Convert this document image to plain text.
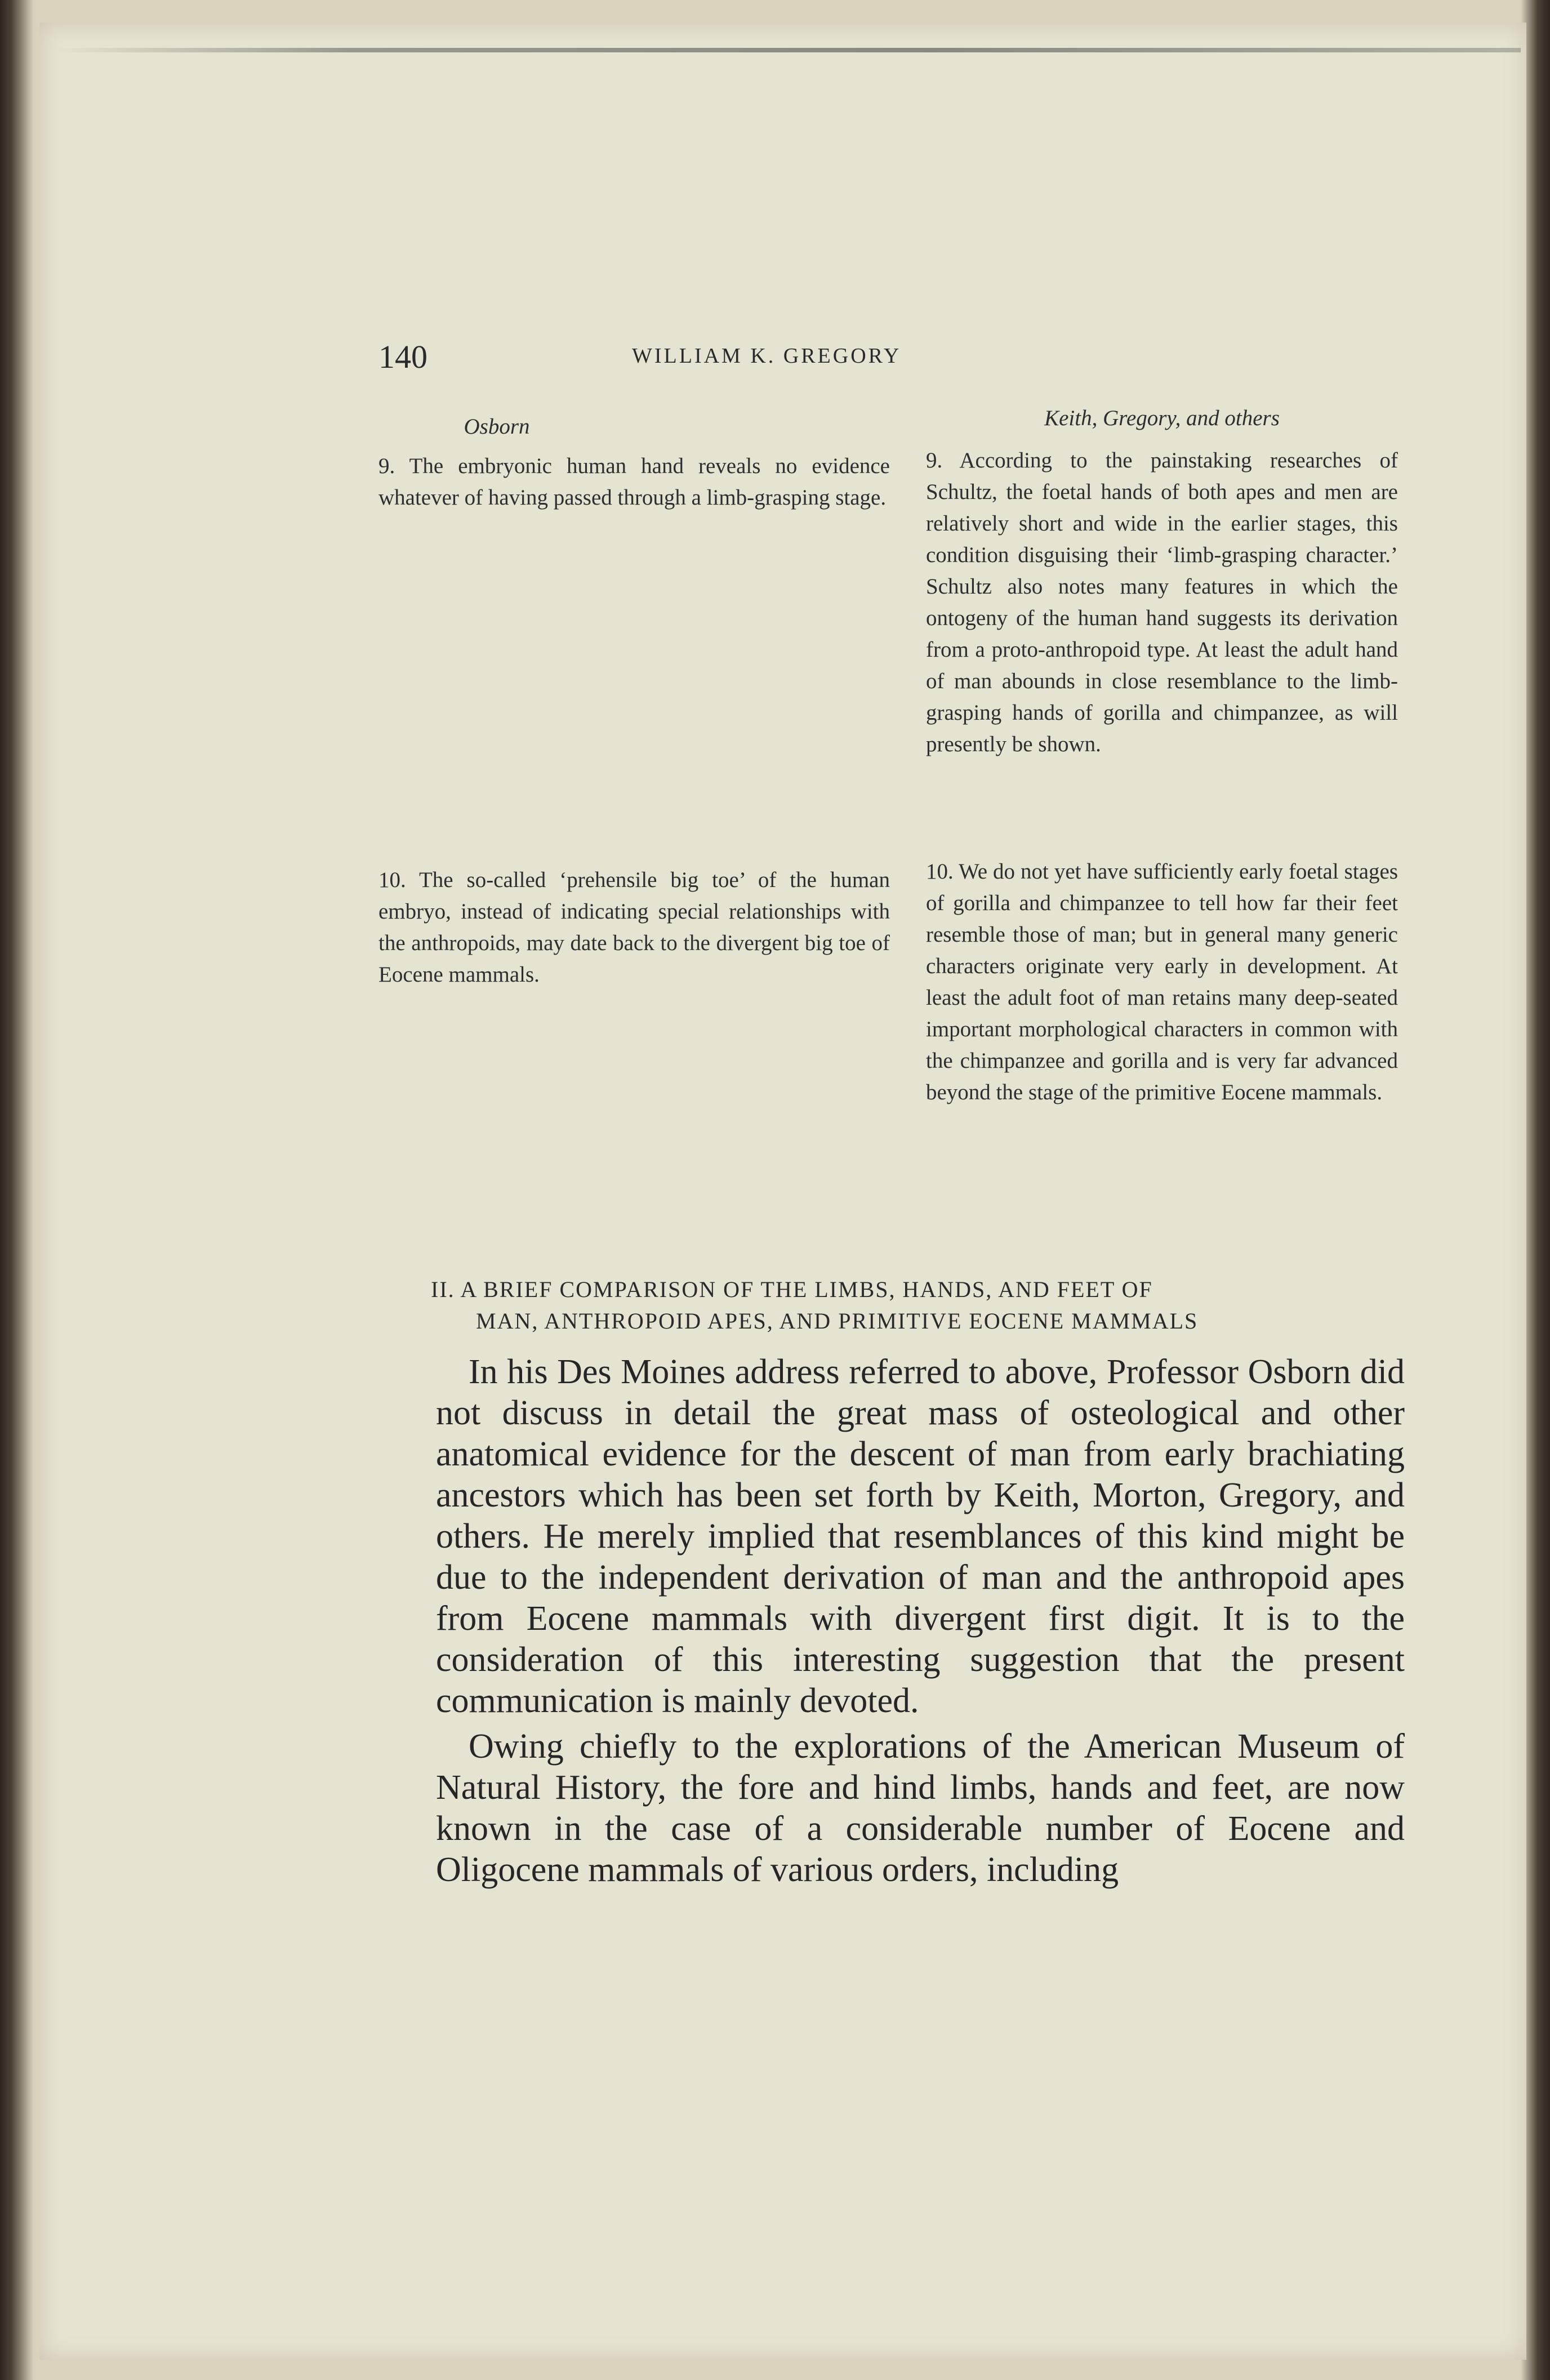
140	WILLIAM K. GREGORY
Osborn	Keith, Gregory, and others
9. The embryonic human hand reveals no evidence whatever of having passed through a limb-grasping stage.
10. The so-called ‘prehensile big toe’ of the human embryo, instead of indicating special relationships with the anthropoids, may date back to the divergent big toe of Eocene mammals.
9. According to the painstaking researches of Schultz, the foetal hands of both apes and men are relatively short and wide in the earlier stages, this condition disguising their ‘limb-grasping character.’ Schultz also notes many features in which the ontogeny of the human hand suggests its derivation from a proto-anthropoid type. At least the adult hand of man abounds in close resemblance to the limb-grasping hands of gorilla and chimpanzee, as will presently be shown.
10. We do not yet have sufficiently early foetal stages of gorilla and chimpanzee to tell how far their feet resemble those of man; but in general many generic characters originate very early in development. At least the adult foot of man retains many deep-seated important morphological characters in common with the chimpanzee and gorilla and is very far advanced beyond the stage of the primitive Eocene mammals.
II. A BRIEF COMPARISON OF THE LIMBS, HANDS, AND FEET OF
MAN, ANTHROPOID APES, AND PRIMITIVE EOCENE MAMMALS

In his Des Moines address referred to above, Professor Osborn did not discuss in detail the great mass of osteological and other anatomical evidence for the descent of man from early brachiating ancestors which has been set forth by Keith, Morton, Gregory, and others. He merely implied that resemblances of this kind might be due to the independent derivation of man and the anthropoid apes from Eocene mammals with divergent first digit. It is to the consideration of this interesting suggestion that the present communication is mainly devoted.

Owing chiefly to the explorations of the American Museum of Natural History, the fore and hind limbs, hands and feet, are now known in the case of a considerable number of Eocene and Oligocene mammals of various orders, including
